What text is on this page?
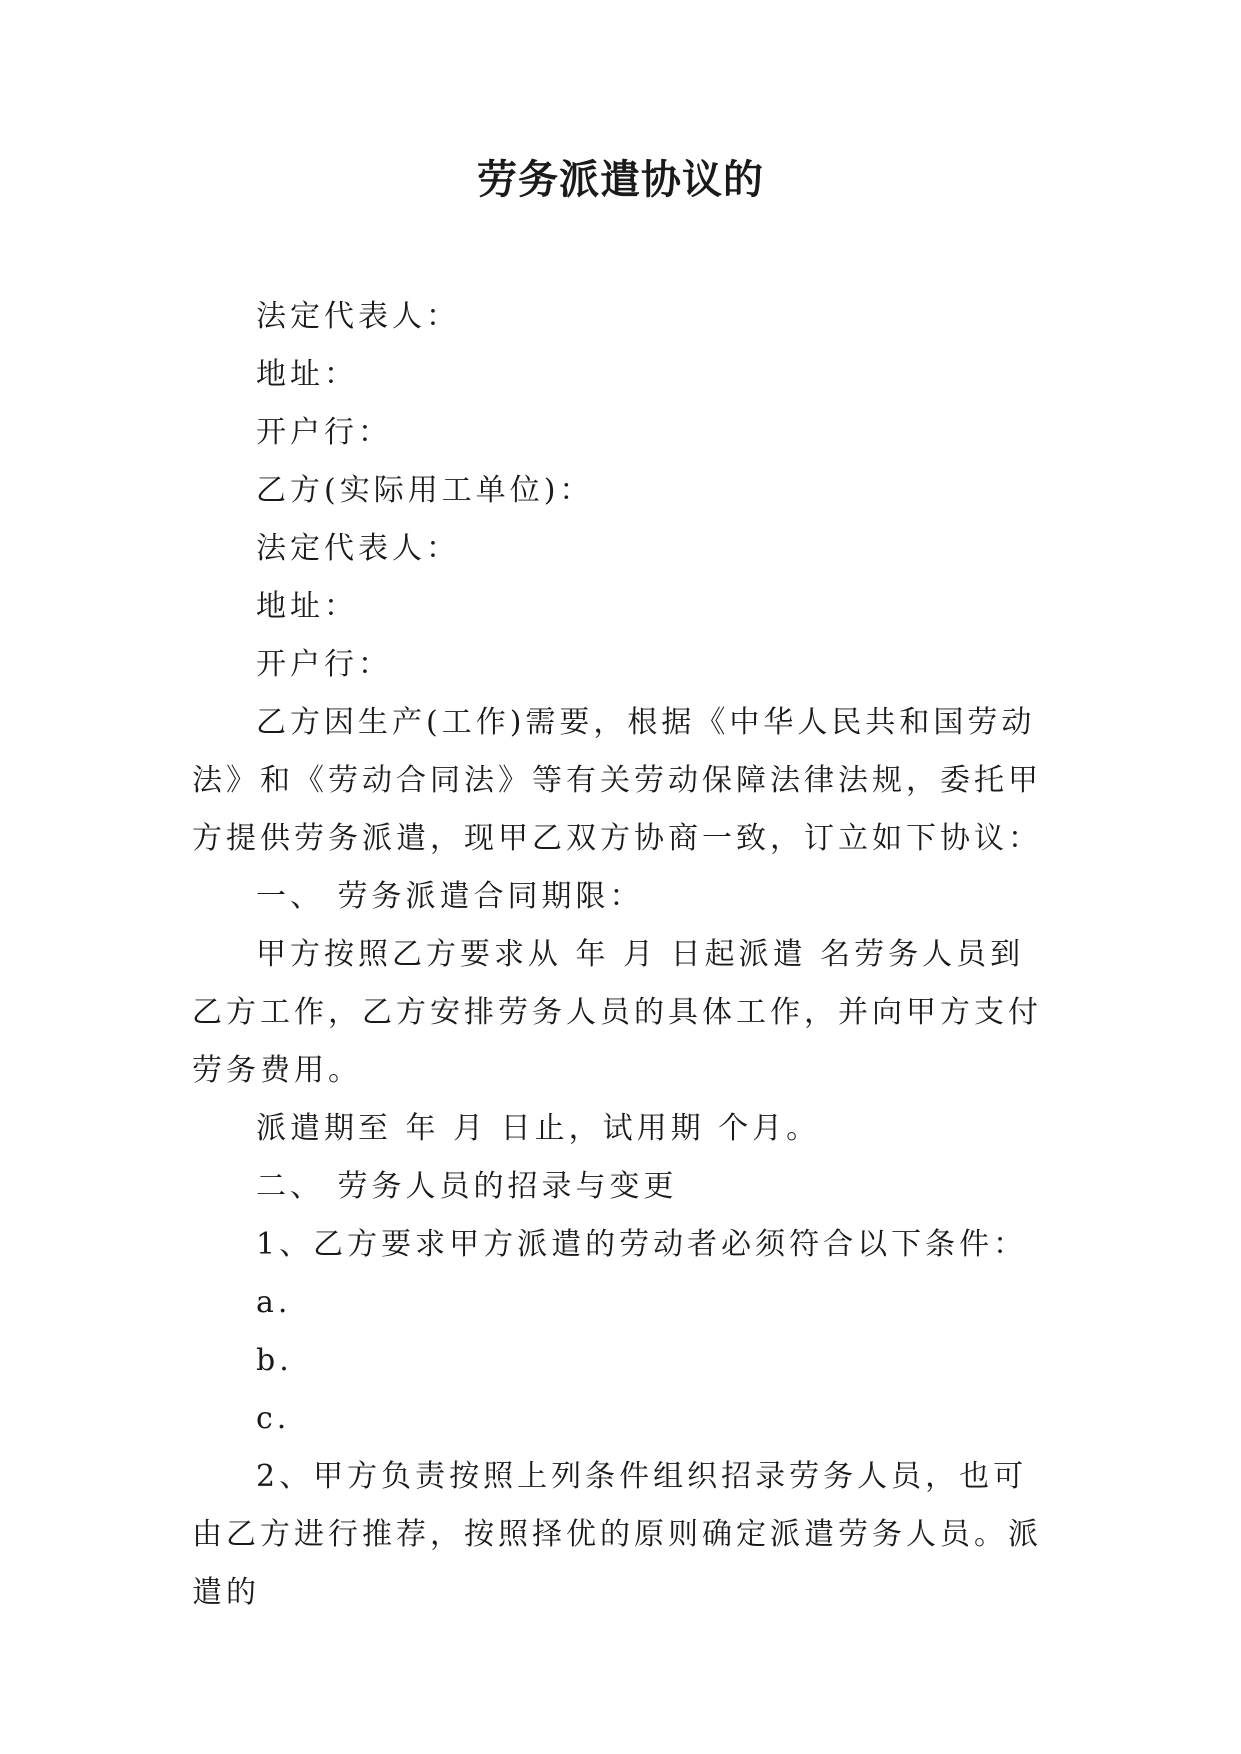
劳务派遣协议的

法定代表人：

地址：

开户行：

乙方(实际用工单位)：

法定代表人：

地址：

开户行：

乙方因生产(工作)需要，根据《中华人民共和国劳动法》和《劳动合同法》等有关劳动保障法律法规，委托甲方提供劳务派遣，现甲乙双方协商一致，订立如下协议：

一、 劳务派遣合同期限：

甲方按照乙方要求从 年 月 日起派遣 名劳务人员到乙方工作，乙方安排劳务人员的具体工作，并向甲方支付劳务费用。

派遣期至 年 月 日止，试用期 个月。

二、 劳务人员的招录与变更

1、乙方要求甲方派遣的劳动者必须符合以下条件：

a.

b.

c.

2、甲方负责按照上列条件组织招录劳务人员，也可由乙方进行推荐，按照择优的原则确定派遣劳务人员。派遣的
